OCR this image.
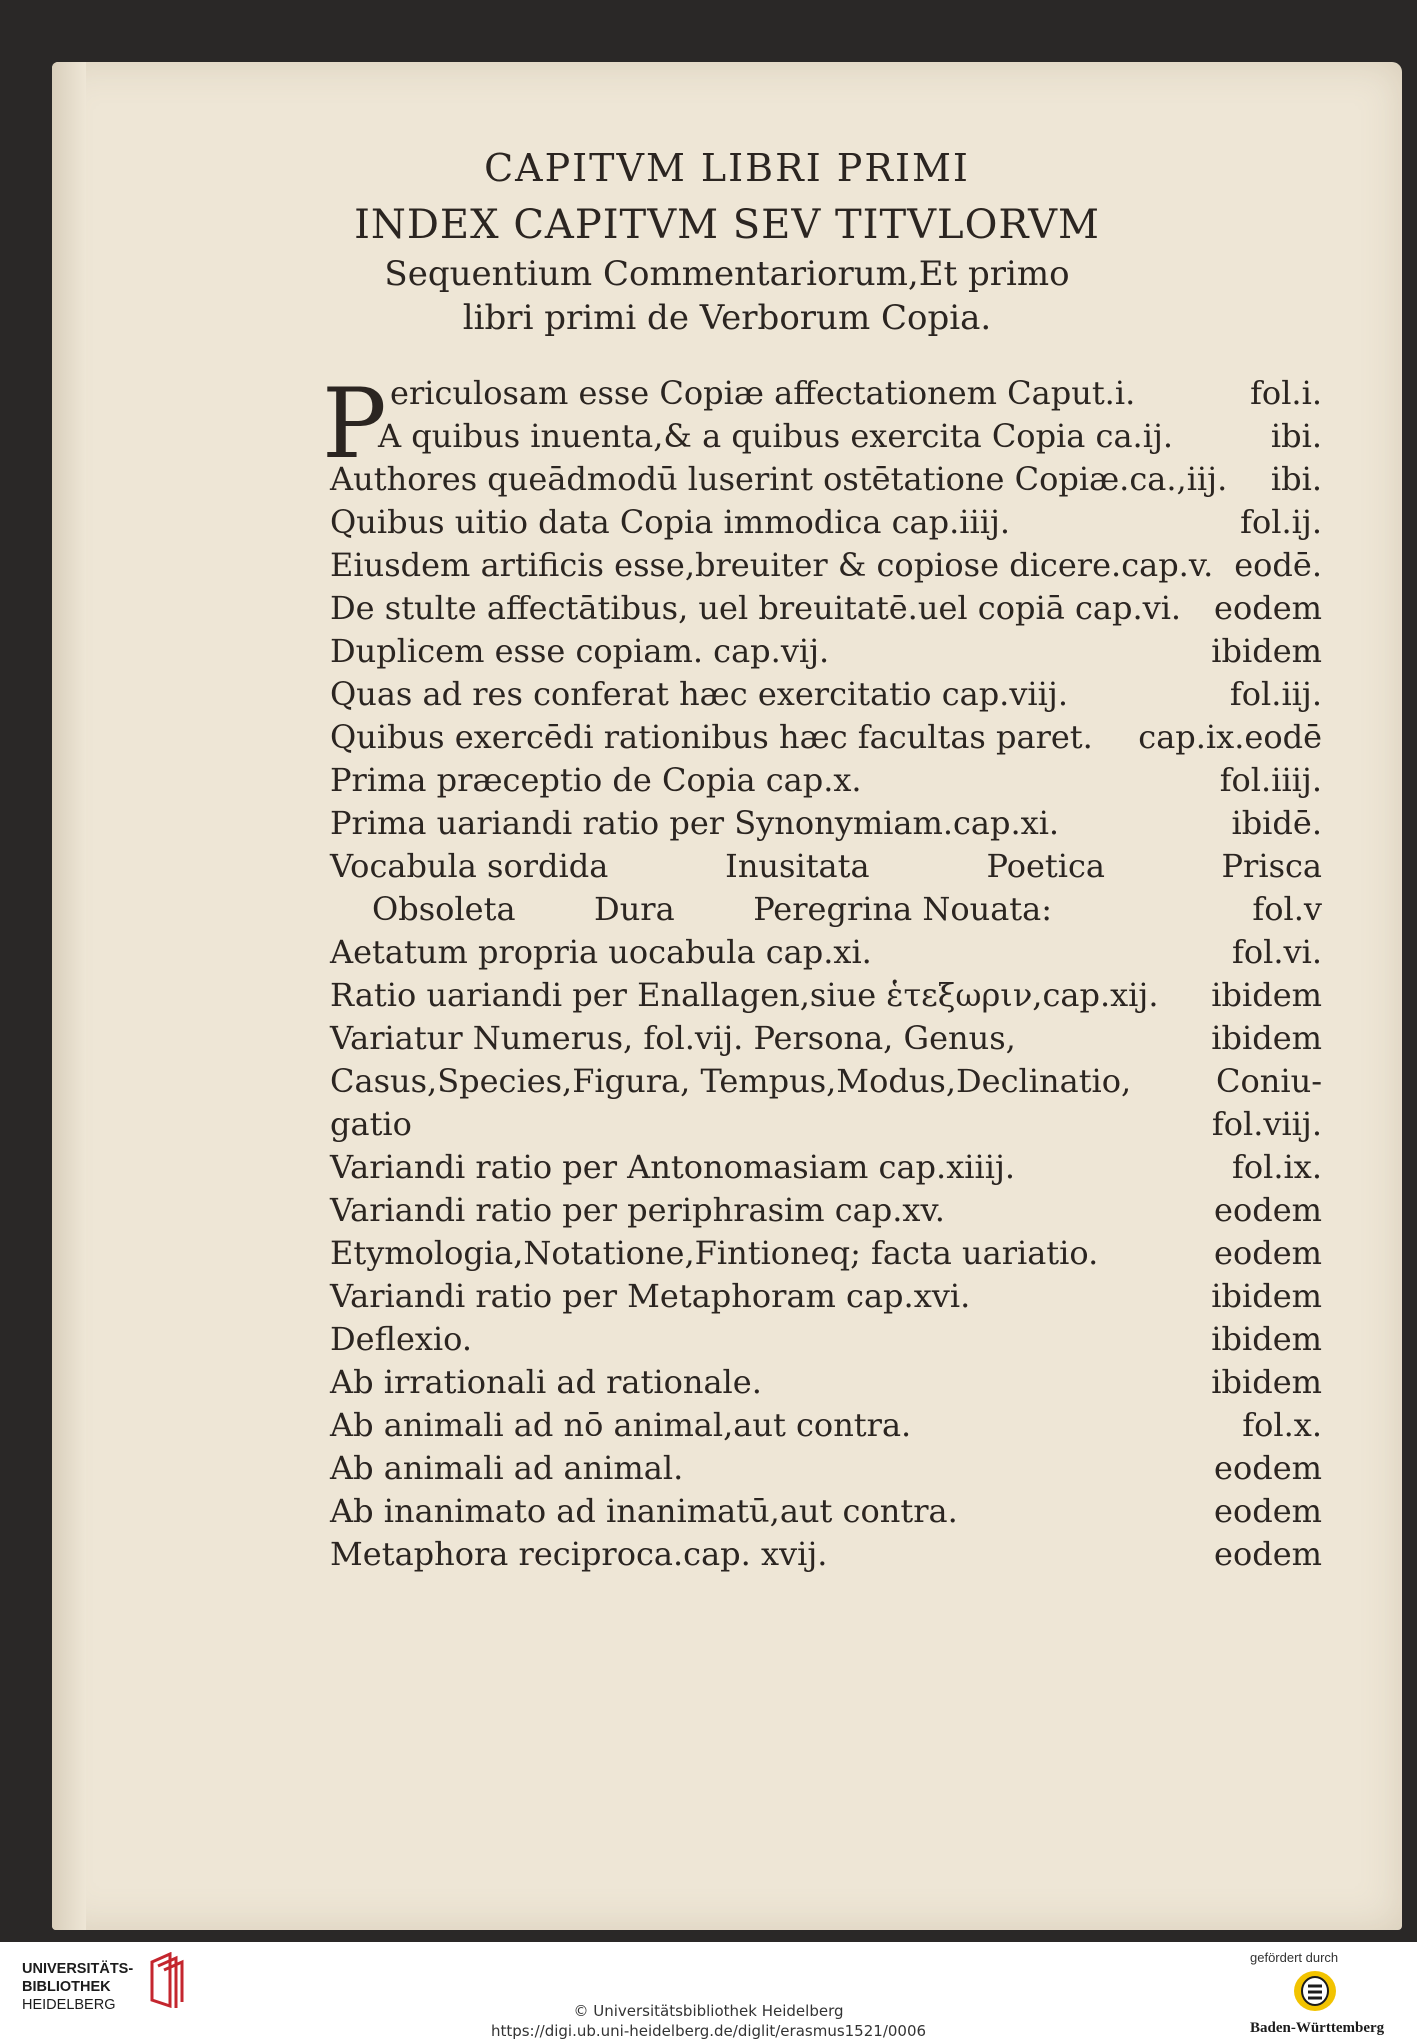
CAPITVM LIBRI PRIMI
INDEX CAPITVM SEV TITVLORVM
Sequentium Commentariorum,Et primo
libri primi de Verborum Copia.
P ericulosam esse Copiæ affectationem Caput.i.	fol.i.
A quibus inuenta,& a quibus exercita Copia ca.ij.	ibi.
Authores queādmodū luserint ostētatione Copiæ.ca.,iij. ibi.
Quibus uitio data Copia immodica cap.iiij.	fol.ij.
Eiusdem artificis esse,breuiter & copiose dicere.cap.v. eodē.
De stulte affectātibus, uel breuitatē.uel copiā cap.vi. eodem
Duplicem esse copiam. cap.vij.	ibidem
Quas ad res conferat hæc exercitatio cap.viij.	fol.iij.
Quibus exercēdi rationibus hæc facultas paret. cap.ix.eodē
Prima præceptio de Copia cap.x.	fol.iiij.
Prima uariandi ratio per Synonymiam.cap.xi.	ibidē.
Vocabula sordida	Inusitata	Poetica	Prisca
Obsoleta Dura Peregrina Nouata:	fol.v
Aetatum propria uocabula cap.xi.	fol.vi.
Ratio uariandi per Enallagen,siue ἑτεξωριν,cap.xij. ibidem
Variatur Numerus, fol.vij. Persona, Genus,	ibidem
Casus,Species,Figura, Tempus,Modus,Declinatio,	Coniu-
gatio	fol.viij.
Variandi ratio per Antonomasiam cap.xiiij.	fol.ix.
Variandi ratio per periphrasim cap.xv.	eodem
Etymologia,Notatione,Fintioneq; facta uariatio.	eodem
Variandi ratio per Metaphoram cap.xvi.	ibidem
Deflexio.	ibidem
Ab irrationali ad rationale.	ibidem
Ab animali ad nō animal,aut contra.	fol.x.
Ab animali ad animal.	eodem
Ab inanimato ad inanimatū,aut contra.	eodem
Metaphora reciproca.cap. xvij.	eodem
UNIVERSITÄTS-
BIBLIOTHEK
HEIDELBERG	© Universitätsbibliothek Heidelberg
https://digi.ub.uni-heidelberg.de/diglit/erasmus1521/0006
gefördert durch
Baden-Württemberg
